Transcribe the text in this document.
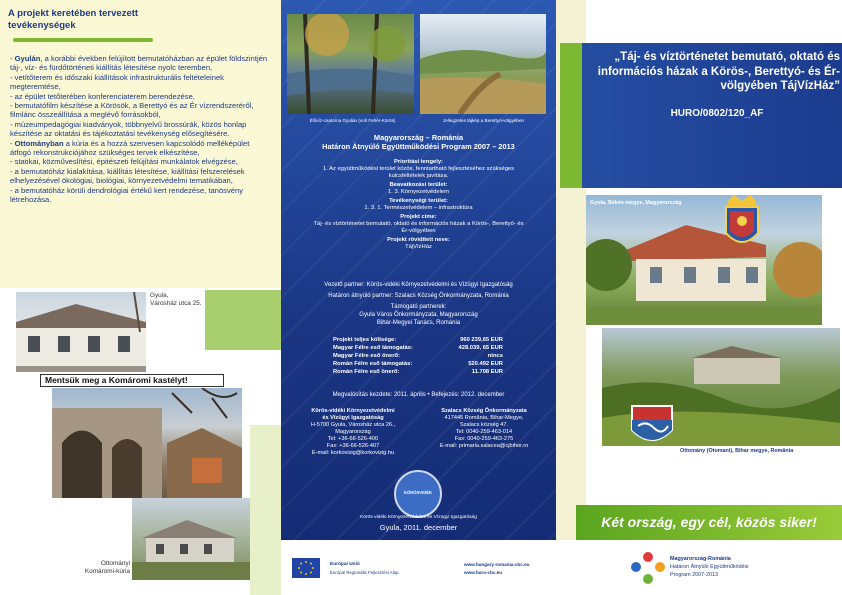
A projekt keretében tervezett tevékenységek

- Gyulán, a korábbi években felújított bemutatóházban az épület földszintjén táj-, víz- és fürdőtörténeti kiállítás létesítése nyolc teremben,

- vetítőterem és időszaki kiállítások infrastrukturális feltételeinek megteremtése,

- az épület tetőterében konferenciaterem berendezése,

- bemutatófilm készítése a Körösök, a Berettyó és az Ér vízrendszeréről, filmlánc összeállítása a meglévő forrásokból,

- múzeumpedagógiai kiadványok, többnyelvű brossúrák, közös honlap készítése az oktatási és tájékoztatási tevékenység elősegítésére.

- Ottományban a kúria és a hozzá szervesen kapcsolódó melléképület átfogó rekonstrukciójához szükséges tervek elkészítése,

- statikai, közműveslítési, épitészeti felújítási munkálatok elvégzése,

- a bemutatóház kialakítása, kiállítás létesítése, kiállítási felszerelések elhelyezésével ökológiai, biológiai, környezetvédelmi tematikában,

- a bemutatóház körüli dendrológiai értékű kert rendezése, tanösvény létrehozása.

Gyula,
Városház utca 25.
Mentsük meg a Komáromi kastélyt!
Ottományi
Komáromi-kúria
Élővíz-csatorna Gyulán (volt Fehér-Körös)	Jellegzetes tájkép a Berettyó-völgyében
Magyarország – Románia
Határon Átnyúló Együttműködési Program 2007 – 2013
Prioritási tengely:
1. Az együttműködési terület közös, fenntartható fejlesztéséhez szükséges kulcsfeltételek javítása.
Beavatkozási terület:
1. 3. Környezetvédelem
Tevékenységi terület:
1. 3. 1. Természetvédelem – infrastruktúra
Projekt címe:
Táj- és víztörténetet bemutató, oktató és információs házak a Körös-, Berettyó- és Ér-völgyében
Projekt rövidített neve:
TájVízHáz
Vezető partner: Körös-vidéki Környezetvédelmi és Vízügyi Igazgatóság
Határon átnyúló partner: Szalacs Község Önkormányzata, Románia
Támogató partnerek:
Gyula Város Önkormányzata, Magyarország
Bihar-Megyei Tanács, Románia
Projekt teljes költsége:	960 239,65 EUR
Magyar Félre eső támogatás:	428.039, 65 EUR
Magyar Félre eső önerő:	nincs
Román Félre eső támogatás:	520.492 EUR
Román Félre eső önerő:	11.708 EUR
Megvalósítás kezdete: 2011. április • Befejezés: 2012. december
Körös-vidéki Környezetvédelmi
és Vízügyi Igazgatóság
H-5700 Gyula, Városház utca 26.,
Magyarország
Tel: +36-66-526-400
Fax: +36-66-526-407
E-mail: korkovizig@korkovizig.hu
Szalacs Község Önkormányzata
417445 România, Bihar-Megye,
Szalacs község 47.
Tel: 0040-259-463-014
Fax: 0040-259-463-275
E-mail: primaria.salacea@cjbihor.ro
KÖRÖSVIDÉK
Körös-vidéki Környezetvédelmi és Vízügyi Igazgatóság
Gyula, 2011. december
„Táj- és víztörténetet bemutató, oktató és információs házak a Körös-, Berettyó- és Ér-völgyében TájVízHáz”
HURO/0802/120_AF
Gyula, Békés megye, Magyarország
Ottomány (Otomani), Bihar megye, România
Két ország, egy cél, közös siker!
Európai Unió
Európai Regionális Fejlesztési Alap
www.hungary-romania-cbc.eu
www.huro-cbc.eu
Magyarország-Románia
Határon Átnyúló Együttműködési
Program 2007-2013
